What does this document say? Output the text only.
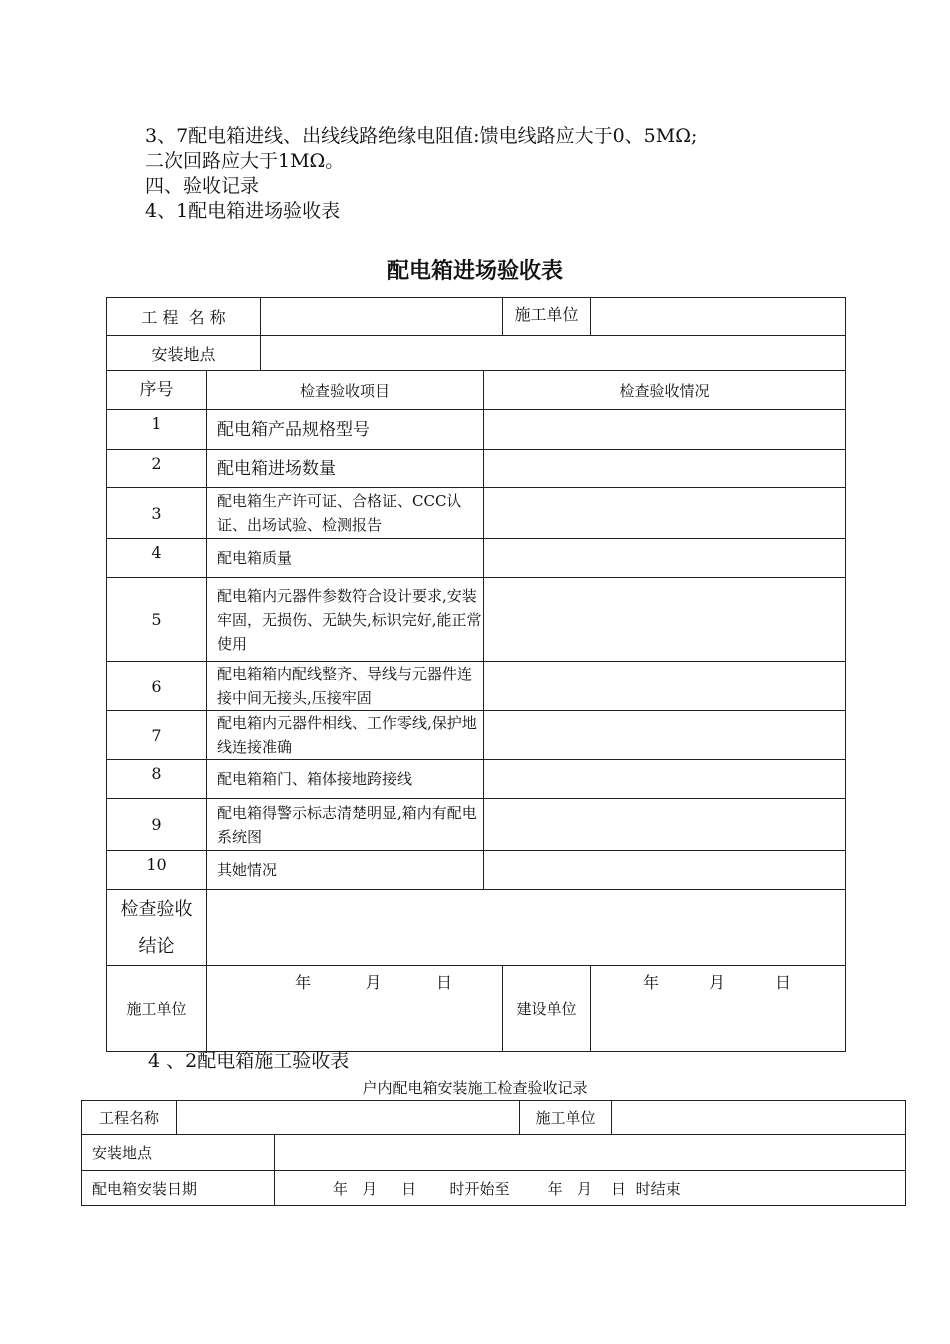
3、7配电箱进线、出线线路绝缘电阻值:馈电线路应大于0、5MΩ;

二次回路应大于1MΩ。

四、验收记录

4、1配电箱进场验收表

配电箱进场验收表
工 程  名 称				施工单位	
安装地点					
序号	检查验收项目		检查验收情况		
1	配电箱产品规格型号				
2	配电箱进场数量				
3	配电箱生产许可证、合格证、CCC认证、出场试验、检测报告				
4	配电箱质量				
5	配电箱内元器件参数符合设计要求,安装牢固，无损伤、无缺失,标识完好,能正常使用				
6	配电箱箱内配线整齐、导线与元器件连接中间无接头,压接牢固				
7	配电箱内元器件相线、工作零线,保护地线连接准确				
8	配电箱箱门、箱体接地跨接线				
9	配电箱得警示标志清楚明显,箱内有配电系统图				
10	其她情况				
检查验收结论					
施工单位	年 月 日			建设单位	年 月 日

4 、2配电箱施工验收表

户内配电箱安装施工检查验收记录

工程名称			施工单位	
安装地点				
配电箱安装日期		年   月     日       时开始至        年   月    日  时结束		
